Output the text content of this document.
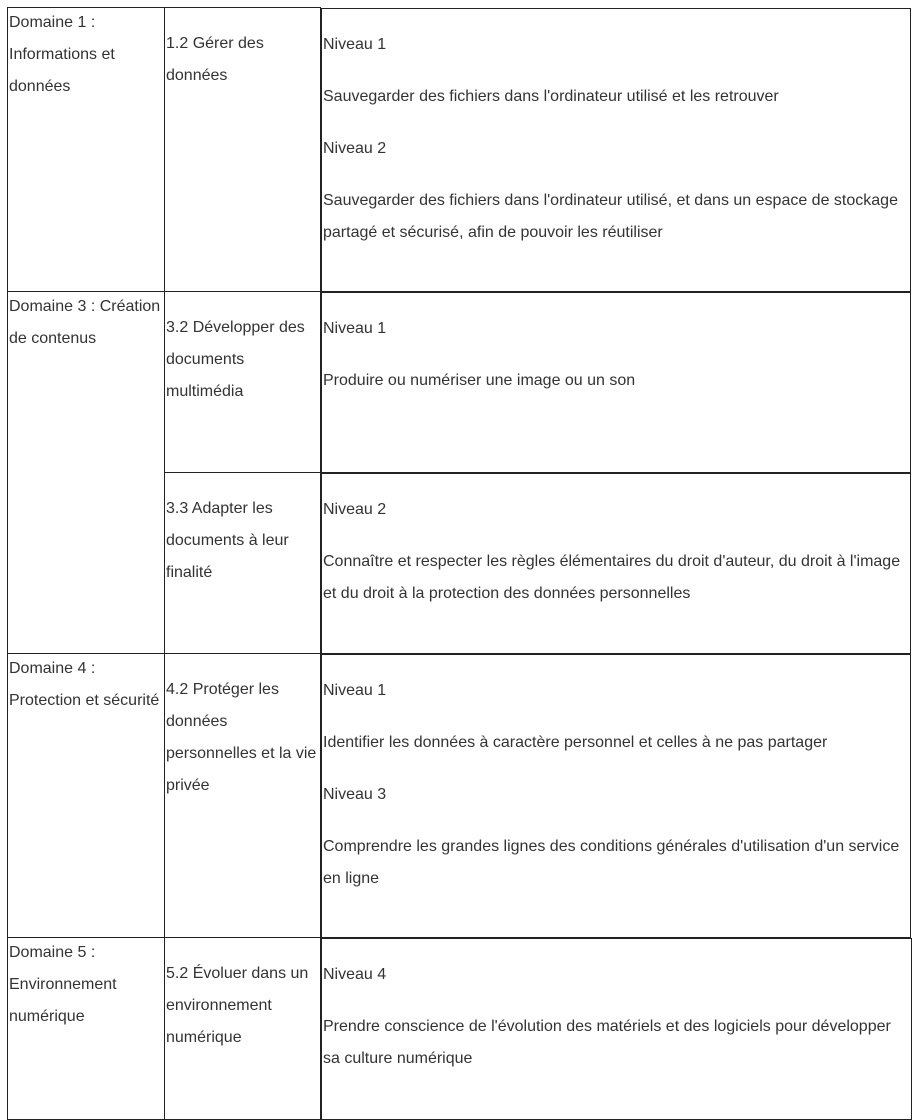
Domaine 1 : Informations et données	1.2 Gérer des données

Niveau 1

Sauvegarder des fichiers dans l'ordinateur utilisé et les retrouver

Niveau 2

Sauvegarder des fichiers dans l'ordinateur utilisé, et dans un espace de stockage partagé et sécurisé, afin de pouvoir les réutiliser

Domaine 3 : Création de contenus	3.2 Développer des documents multimédia

Niveau 1

Produire ou numériser une image ou un son

	3.3 Adapter les documents à leur finalité

Niveau 2

Connaître et respecter les règles élémentaires du droit d'auteur, du droit à l'image et du droit à la protection des données personnelles

Domaine 4 : Protection et sécurité	4.2 Protéger les données personnelles et la vie privée

Niveau 1

Identifier les données à caractère personnel et celles à ne pas partager

Niveau 3

Comprendre les grandes lignes des conditions générales d'utilisation d'un service en ligne

Domaine 5 : Environnement numérique	5.2 Évoluer dans un environnement numérique

Niveau 4

Prendre conscience de l'évolution des matériels et des logiciels pour développer sa culture numérique
